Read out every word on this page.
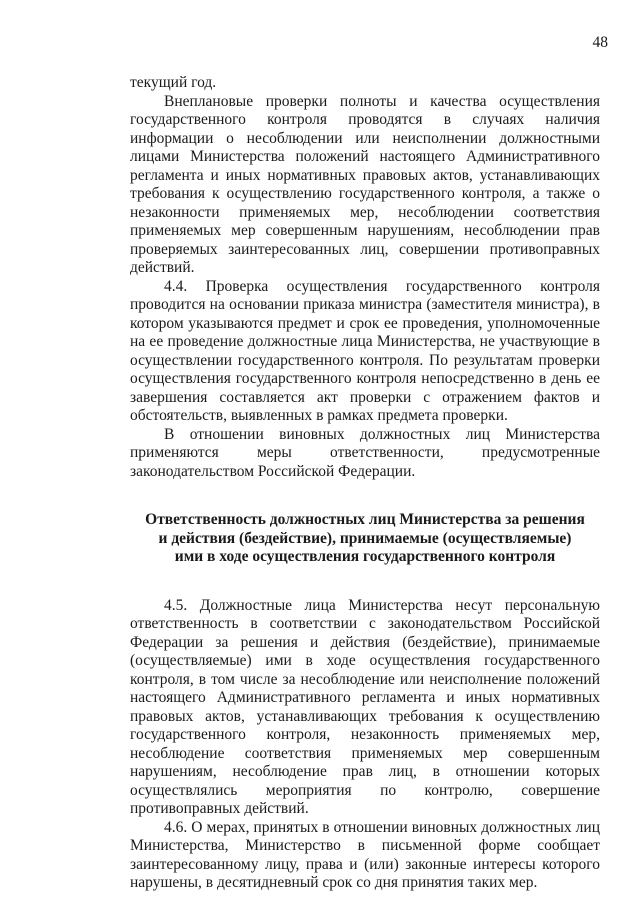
48

текущий год.

Внеплановые проверки полноты и качества осуществления государственного контроля проводятся в случаях наличия информации о несоблюдении или неисполнении должностными лицами Министерства положений настоящего Административного регламента и иных нормативных правовых актов, устанавливающих требования к осуществлению государственного контроля, а также о незаконности применяемых мер, несоблюдении соответствия применяемых мер совершенным нарушениям, несоблюдении прав проверяемых заинтересованных лиц, совершении противоправных действий.

4.4. Проверка осуществления государственного контроля проводится на основании приказа министра (заместителя министра), в котором указываются предмет и срок ее проведения, уполномоченные на ее проведение должностные лица Министерства, не участвующие в осуществлении государственного контроля. По результатам проверки осуществления государственного контроля непосредственно в день ее завершения составляется акт проверки с отражением фактов и обстоятельств, выявленных в рамках предмета проверки.

В отношении виновных должностных лиц Министерства применяются меры ответственности, предусмотренные законодательством Российской Федерации.

Ответственность должностных лиц Министерства за решения
и действия (бездействие), принимаемые (осуществляемые)
ими в ходе осуществления государственного контроля

4.5. Должностные лица Министерства несут персональную ответственность в соответствии с законодательством Российской Федерации за решения и действия (бездействие), принимаемые (осуществляемые) ими в ходе осуществления государственного контроля, в том числе за несоблюдение или неисполнение положений настоящего Административного регламента и иных нормативных правовых актов, устанавливающих требования к осуществлению государственного контроля, незаконность применяемых мер, несоблюдение соответствия применяемых мер совершенным нарушениям, несоблюдение прав лиц, в отношении которых осуществлялись мероприятия по контролю, совершение противоправных действий.

4.6. О мерах, принятых в отношении виновных должностных лиц Министерства, Министерство в письменной форме сообщает заинтересованному лицу, права и (или) законные интересы которого нарушены, в десятидневный срок со дня принятия таких мер.
